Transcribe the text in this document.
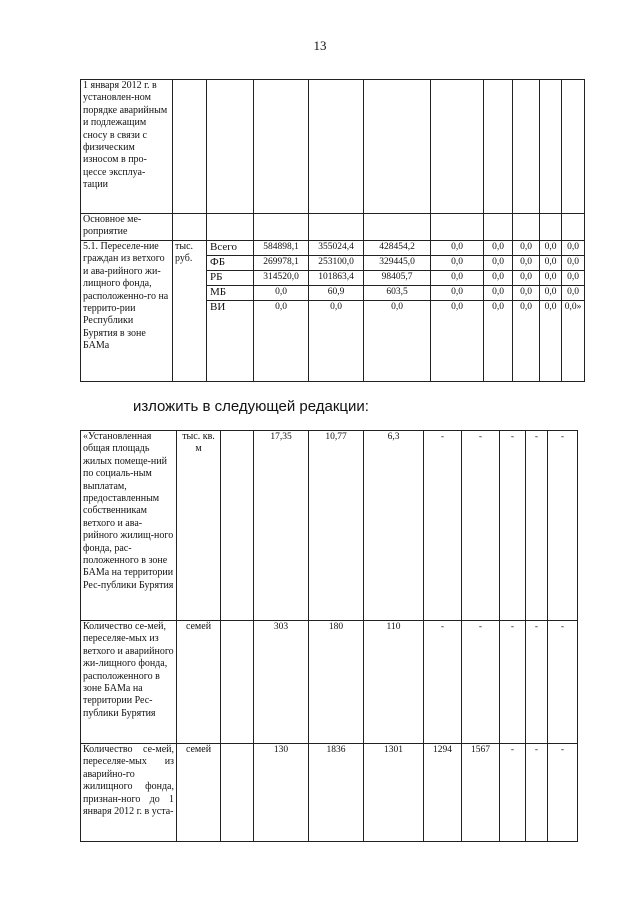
13
1 января 2012 г. в установлен-ном порядке аварийным и подлежащим сносу в связи с физическим износом в про-цессе эксплуа-тации										
Основное ме-роприятие										
5.1. Переселе-ние граждан из ветхого и ава-рийного жи-лищного фонда, расположенно-го на террито-рии Республики Бурятия в зоне БАМа	тыс. руб.	Всего	584898,1	355024,4	428454,2	0,0	0,0	0,0	0,0	0,0
		ФБ	269978,1	253100,0	329445,0	0,0	0,0	0,0	0,0	0,0
		РБ	314520,0	101863,4	98405,7	0,0	0,0	0,0	0,0	0,0
		МБ	0,0	60,9	603,5	0,0	0,0	0,0	0,0	0,0
		ВИ	0,0	0,0	0,0	0,0	0,0	0,0	0,0	0,0»

изложить в следующей редакции:
«Установленная общая площадь жилых помеще-ний по социаль-ным выплатам, предоставленным собственникам ветхого и ава-рийного жилищ-ного фонда, рас-положенного в зоне БАМа на территории Рес-публики Бурятия	тыс. кв. м		17,35	10,77	6,3	-	-	-	-	-
Количество се-мей, переселяе-мых из ветхого и аварийного жи-лищного фонда, расположенного в зоне БАМа на территории Рес-публики Бурятия	семей		303	180	110	-	-	-	-	-
Количество се-мей, переселяе-мых из аварийно-го жилищного фонда, признан-ного до 1 января 2012 г. в уста-	семей		130	1836	1301	1294	1567	-	-	-
